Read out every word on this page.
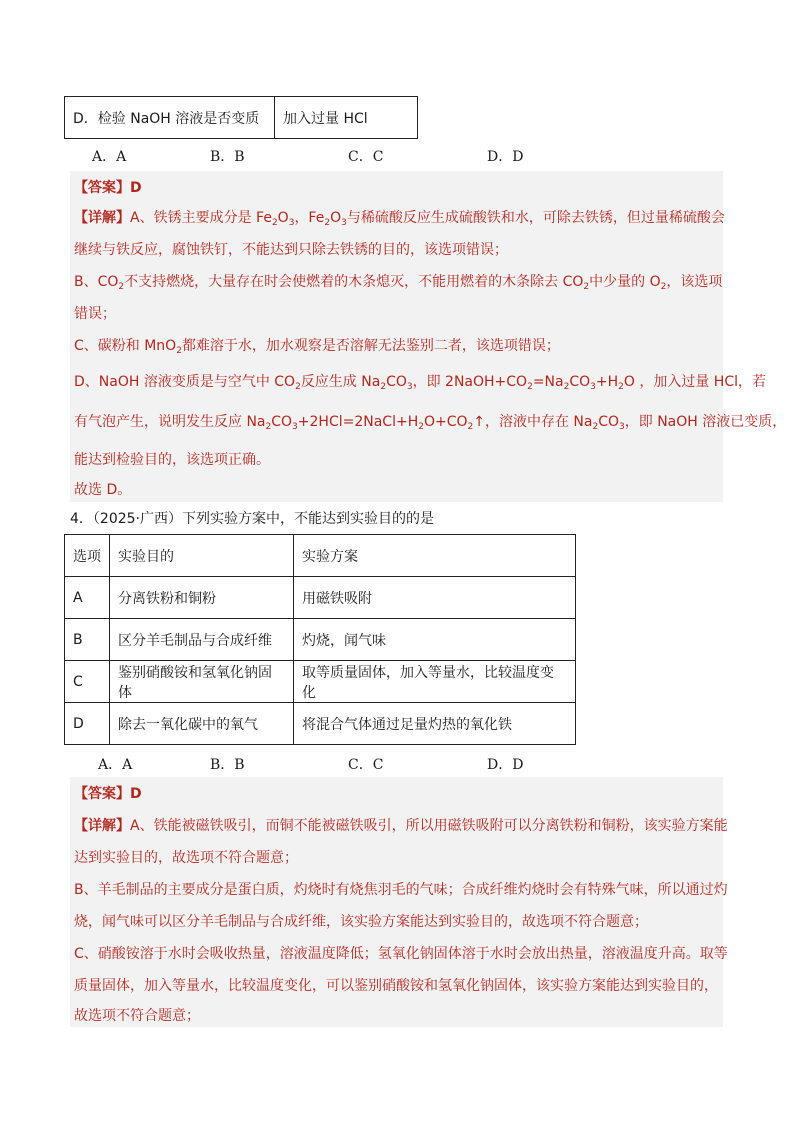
D．检验 NaOH 溶液是否变质	加入过量 HCl
A．A	B．B	C．C	D．D
【答案】D
【详解】A、铁锈主要成分是 $Fe_2O_3$，$Fe_2O_3$与稀硫酸反应生成硫酸铁和水，可除去铁锈，但过量稀硫酸会
继续与铁反应，腐蚀铁钉，不能达到只除去铁锈的目的，该选项错误；
B、$CO_2$不支持燃烧，大量存在时会使燃着的木条熄灭，不能用燃着的木条除去 $CO_2$中少量的 $O_2$，该选项
错误；
C、碳粉和 MnO$_2$都难溶于水，加水观察是否溶解无法鉴别二者，该选项错误；
D、NaOH 溶液变质是与空气中 $CO_2$反应生成 $Na_2CO_3$，即 $2NaOH+CO_2=Na_2CO_3+H_2O$ ，加入过量 HCl，若
有气泡产生，说明发生反应 $Na_2CO_3+2HCl=2NaCl+H_2O+CO_2↑$，溶液中存在 $Na_2CO_3$，即 NaOH 溶液已变质，
能达到检验目的，该选项正确。
故选 D。
4．（2025·广西）下列实验方案中，不能达到实验目的的是
选项	实验目的	实验方案
A	分离铁粉和铜粉	用磁铁吸附
B	区分羊毛制品与合成纤维	灼烧，闻气味
C	鉴别硝酸铵和氢氧化钠固体	取等质量固体，加入等量水，比较温度变化
D	除去一氧化碳中的氧气	将混合气体通过足量灼热的氧化铁
A．A	B．B	C．C	D．D
【答案】D
【详解】A、铁能被磁铁吸引，而铜不能被磁铁吸引，所以用磁铁吸附可以分离铁粉和铜粉，该实验方案能
达到实验目的，故选项不符合题意；
B、羊毛制品的主要成分是蛋白质，灼烧时有烧焦羽毛的气味；合成纤维灼烧时会有特殊气味，所以通过灼
烧，闻气味可以区分羊毛制品与合成纤维，该实验方案能达到实验目的，故选项不符合题意；
C、硝酸铵溶于水时会吸收热量，溶液温度降低；氢氧化钠固体溶于水时会放出热量，溶液温度升高。取等
质量固体，加入等量水，比较温度变化，可以鉴别硝酸铵和氢氧化钠固体，该实验方案能达到实验目的，
故选项不符合题意；
